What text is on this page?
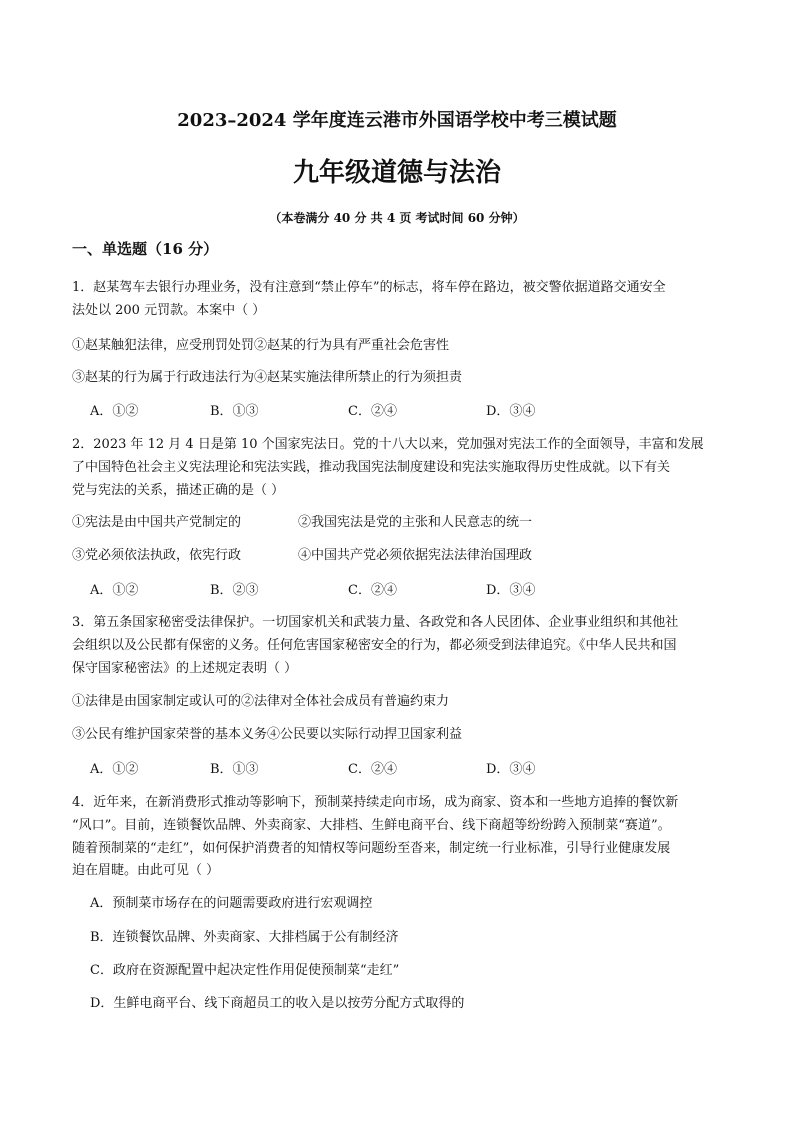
2023–2024 学年度连云港市外国语学校中考三模试题
九年级道德与法治
（本卷满分 40 分 共 4 页 考试时间 60 分钟）
一、单选题（16 分）
1．赵某驾车去银行办理业务，没有注意到“禁止停车”的标志，将车停在路边，被交警依据道路交通安全
法处以 200 元罚款。本案中（ ）
①赵某触犯法律，应受刑罚处罚②赵某的行为具有严重社会危害性
③赵某的行为属于行政违法行为④赵某实施法律所禁止的行为须担责
A．①②	B．①③	C．②④	D．③④
2．2023 年 12 月 4 日是第 10 个国家宪法日。党的十八大以来，党加强对宪法工作的全面领导，丰富和发展
了中国特色社会主义宪法理论和宪法实践，推动我国宪法制度建设和宪法实施取得历史性成就。以下有关
党与宪法的关系，描述正确的是（ ）
①宪法是由中国共产党制定的	②我国宪法是党的主张和人民意志的统一
③党必须依法执政，依宪行政	④中国共产党必须依据宪法法律治国理政
A．①②	B．②③	C．②④	D．③④
3．第五条国家秘密受法律保护。一切国家机关和武装力量、各政党和各人民团体、企业事业组织和其他社
会组织以及公民都有保密的义务。任何危害国家秘密安全的行为，都必须受到法律追究。《中华人民共和国
保守国家秘密法》的上述规定表明（ ）
①法律是由国家制定或认可的②法律对全体社会成员有普遍约束力
③公民有维护国家荣誉的基本义务④公民要以实际行动捍卫国家利益
A．①②	B．①③	C．②④	D．③④
4．近年来，在新消费形式推动等影响下，预制菜持续走向市场，成为商家、资本和一些地方追捧的餐饮新
“风口”。目前，连锁餐饮品牌、外卖商家、大排档、生鲜电商平台、线下商超等纷纷跨入预制菜“赛道”。
随着预制菜的“走红”，如何保护消费者的知情权等问题纷至沓来，制定统一行业标准，引导行业健康发展
迫在眉睫。由此可见（ ）
A．预制菜市场存在的问题需要政府进行宏观调控
B．连锁餐饮品牌、外卖商家、大排档属于公有制经济
C．政府在资源配置中起决定性作用促使预制菜“走红”
D．生鲜电商平台、线下商超员工的收入是以按劳分配方式取得的
